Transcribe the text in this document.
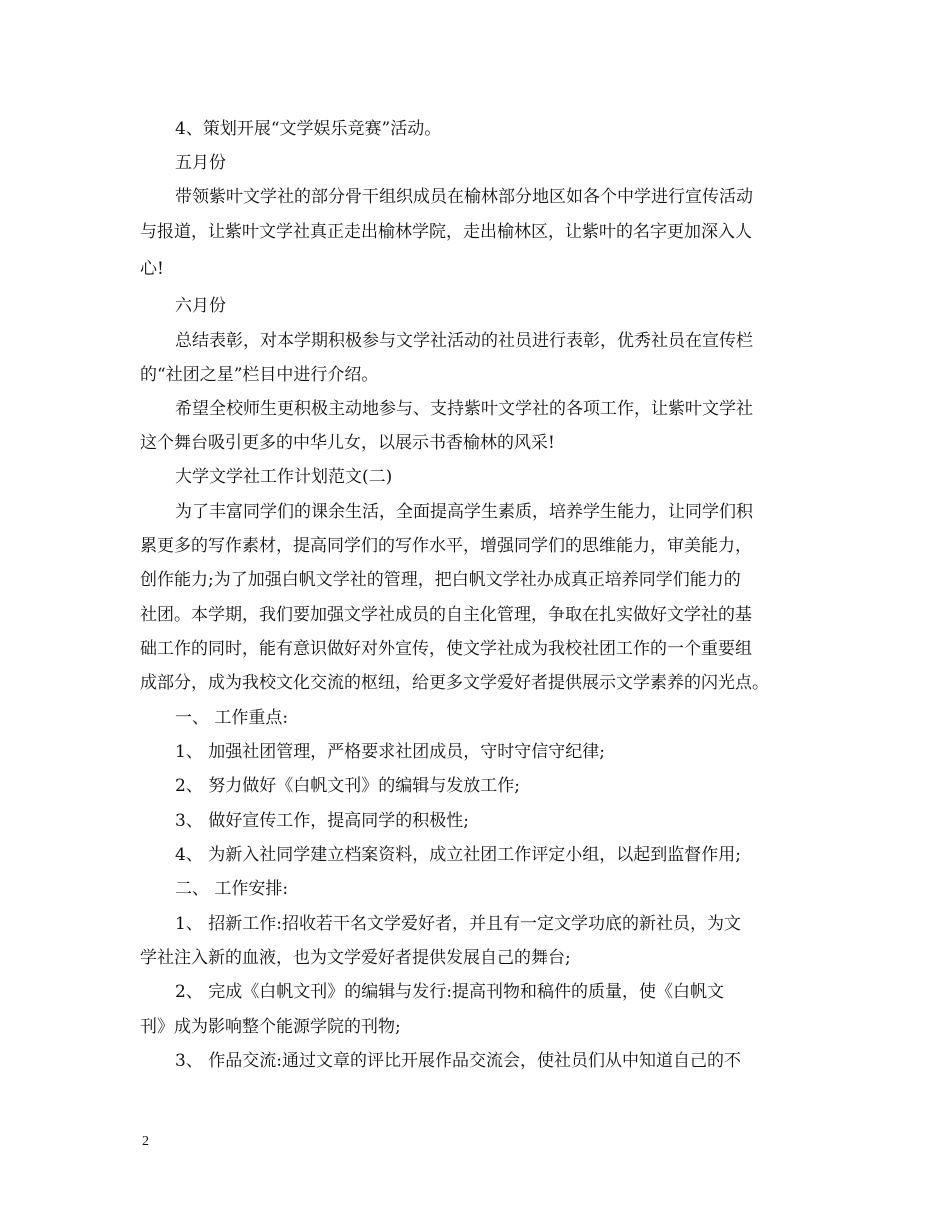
4、策划开展“文学娱乐竞赛”活动。
五月份
带领紫叶文学社的部分骨干组织成员在榆林部分地区如各个中学进行宣传活动
与报道，让紫叶文学社真正走出榆林学院，走出榆林区，让紫叶的名字更加深入人
心!
六月份
总结表彰，对本学期积极参与文学社活动的社员进行表彰，优秀社员在宣传栏
的“社团之星”栏目中进行介绍。
希望全校师生更积极主动地参与、支持紫叶文学社的各项工作，让紫叶文学社
这个舞台吸引更多的中华儿女，以展示书香榆林的风采!
大学文学社工作计划范文(二)
为了丰富同学们的课余生活，全面提高学生素质，培养学生能力，让同学们积
累更多的写作素材，提高同学们的写作水平，增强同学们的思维能力，审美能力，
创作能力;为了加强白帆文学社的管理，把白帆文学社办成真正培养同学们能力的
社团。本学期，我们要加强文学社成员的自主化管理，争取在扎实做好文学社的基
础工作的同时，能有意识做好对外宣传，使文学社成为我校社团工作的一个重要组
成部分，成为我校文化交流的枢纽，给更多文学爱好者提供展示文学素养的闪光点。
一、 工作重点:
1、 加强社团管理，严格要求社团成员，守时守信守纪律;
2、 努力做好《白帆文刊》的编辑与发放工作;
3、 做好宣传工作，提高同学的积极性;
4、 为新入社同学建立档案资料，成立社团工作评定小组，以起到监督作用;
二、 工作安排:
1、 招新工作:招收若干名文学爱好者，并且有一定文学功底的新社员，为文
学社注入新的血液，也为文学爱好者提供发展自己的舞台;
2、 完成《白帆文刊》的编辑与发行:提高刊物和稿件的质量，使《白帆文
刊》成为影响整个能源学院的刊物;
3、 作品交流:通过文章的评比开展作品交流会，使社员们从中知道自己的不
2
